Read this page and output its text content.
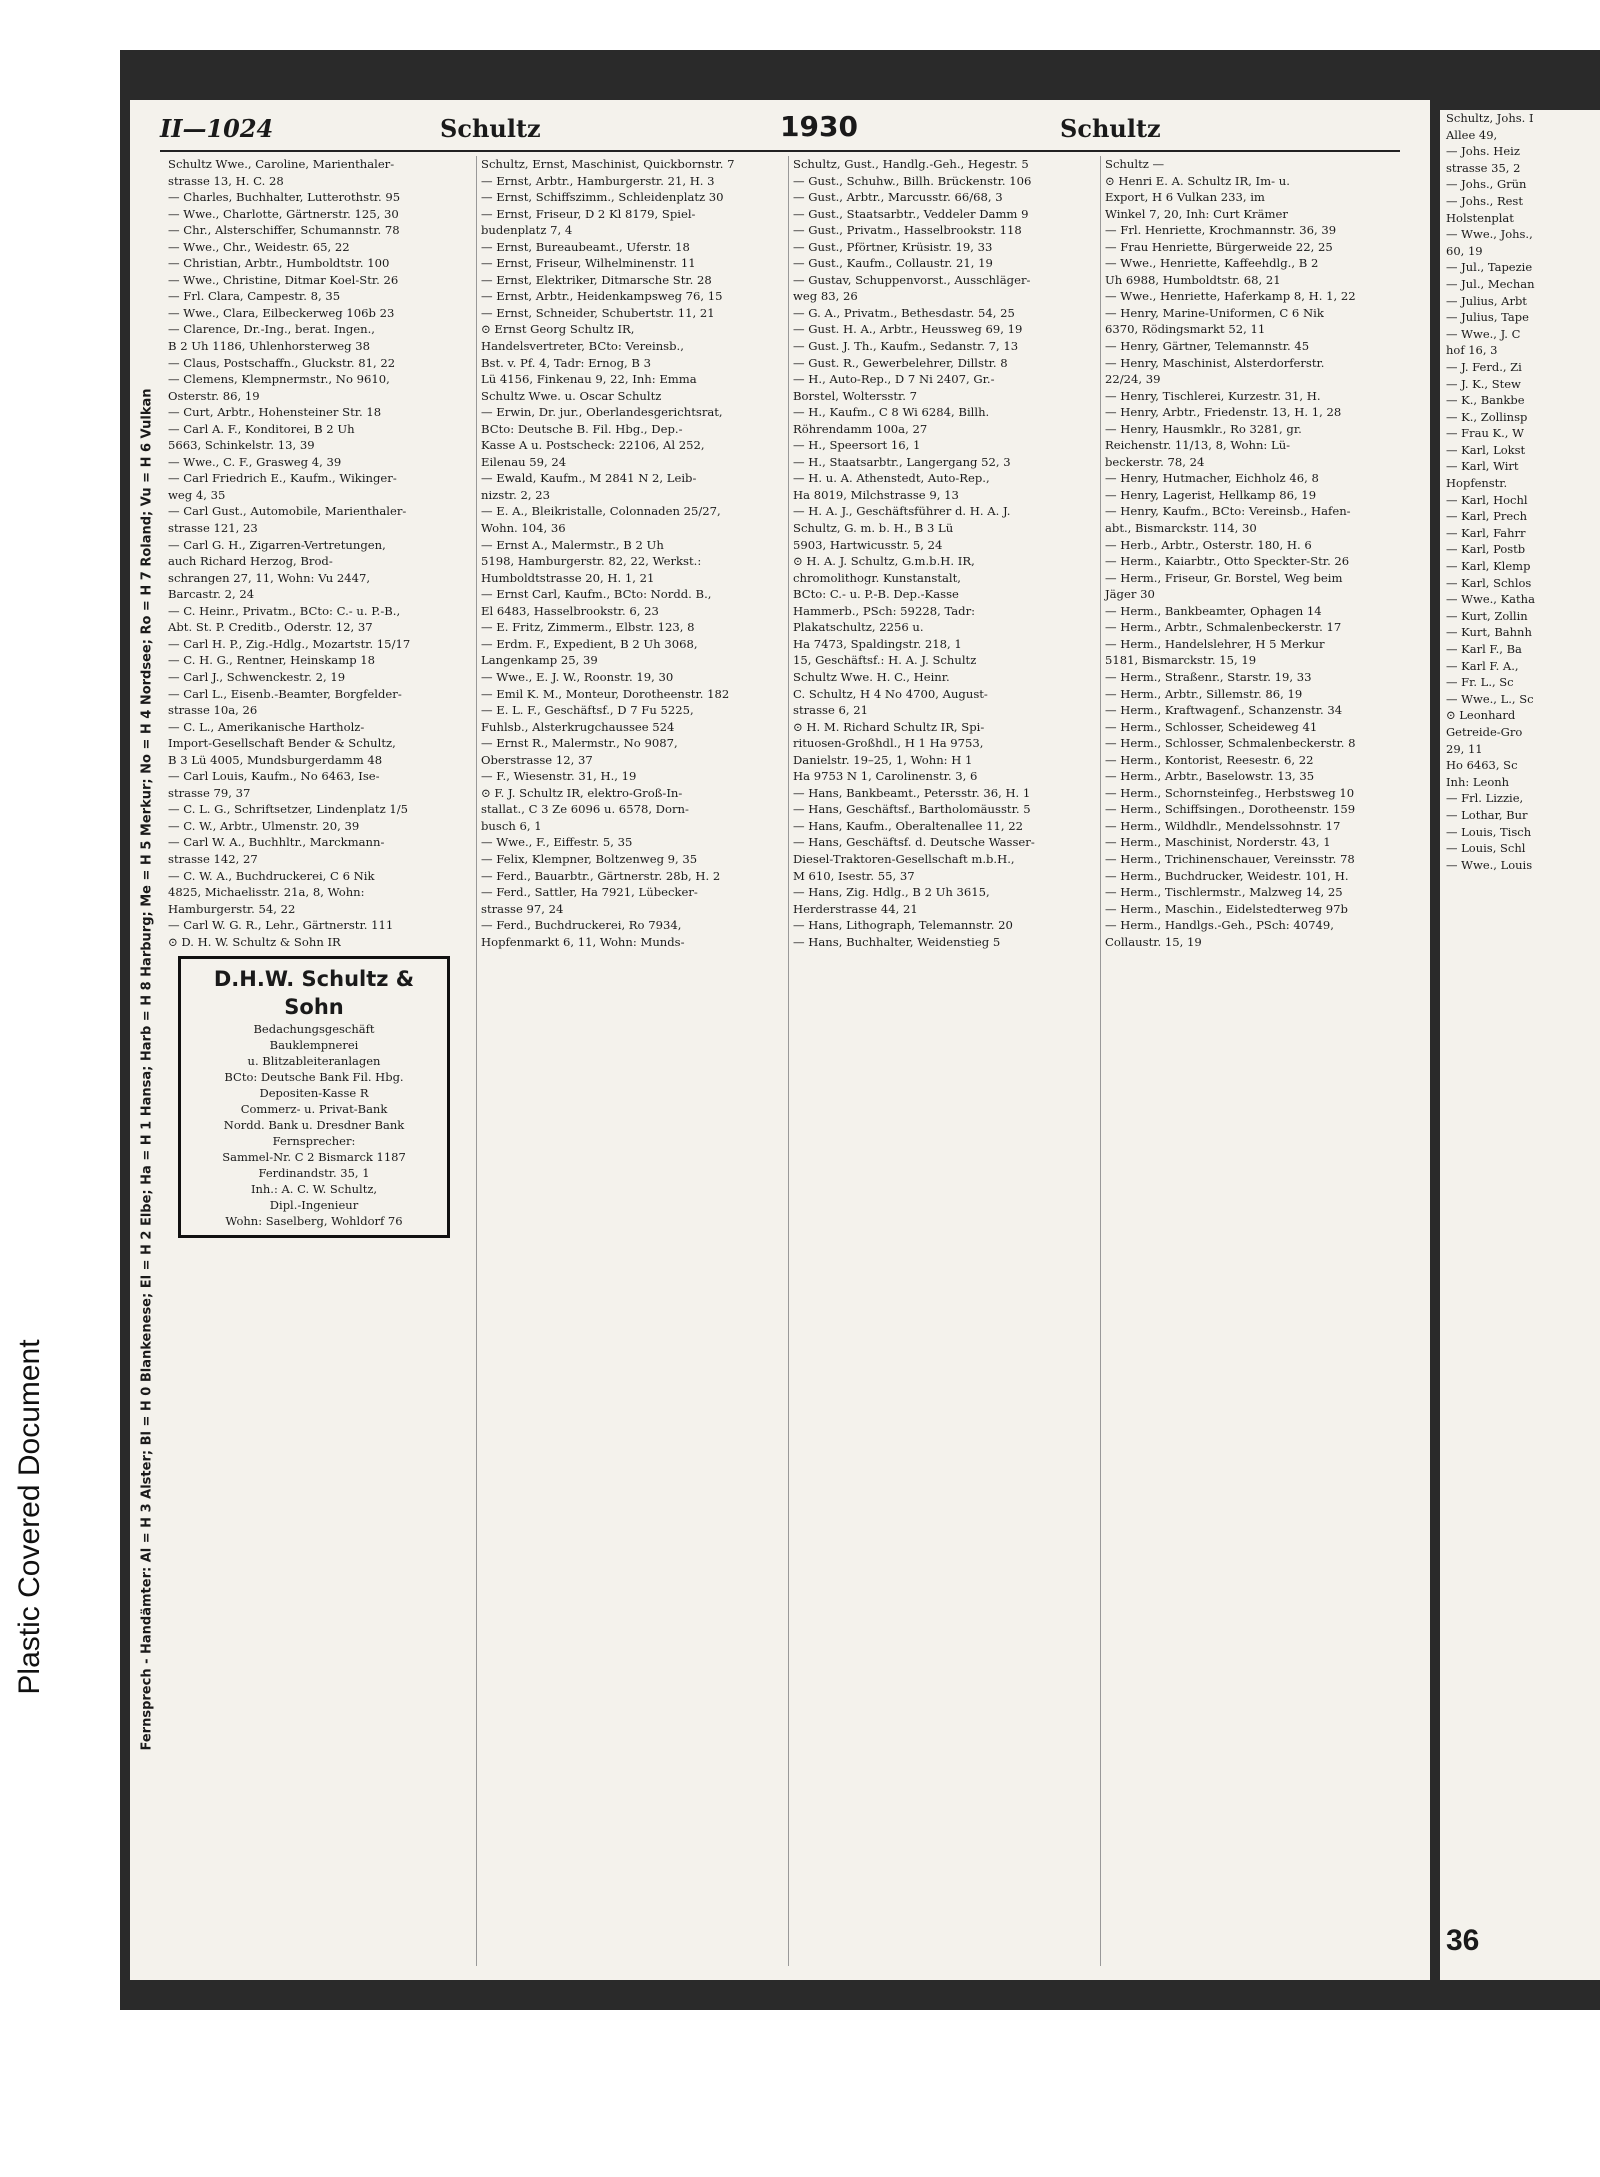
Plastic Covered Document
II—1024	Schultz	1930	Schultz
Fernsprech - Handämter: Al = H 3 Alster; Bl = H 0 Blankenese; El = H 2 Elbe; Ha = H 1 Hansa; Harb = H 8 Harburg; Me = H 5 Merkur; No = H 4 Nordsee; Ro = H 7 Roland; Vu = H 6 Vulkan
Schultz Wwe., Caroline, Marienthaler-
strasse 13, H. C. 28
— Charles, Buchhalter, Lutterothstr. 95
— Wwe., Charlotte, Gärtnerstr. 125, 30
— Chr., Alsterschiffer, Schumannstr. 78
— Wwe., Chr., Weidestr. 65, 22
— Christian, Arbtr., Humboldtstr. 100
— Wwe., Christine, Ditmar Koel-Str. 26
— Frl. Clara, Campestr. 8, 35
— Wwe., Clara, Eilbeckerweg 106b 23
— Clarence, Dr.-Ing., berat. Ingen.,
B 2 Uh 1186, Uhlenhorsterweg 38
— Claus, Postschaffn., Gluckstr. 81, 22
— Clemens, Klempnermstr., No 9610,
Osterstr. 86, 19
— Curt, Arbtr., Hohensteiner Str. 18
— Carl A. F., Konditorei, B 2 Uh
5663, Schinkelstr. 13, 39
— Wwe., C. F., Grasweg 4, 39
— Carl Friedrich E., Kaufm., Wikinger-
weg 4, 35
— Carl Gust., Automobile, Marienthaler-
strasse 121, 23
— Carl G. H., Zigarren-Vertretungen,
auch Richard Herzog, Brod-
schrangen 27, 11, Wohn: Vu 2447,
Barcastr. 2, 24
— C. Heinr., Privatm., BCto: C.- u. P.-B.,
Abt. St. P. Creditb., Oderstr. 12, 37
— Carl H. P., Zig.-Hdlg., Mozartstr. 15/17
— C. H. G., Rentner, Heinskamp 18
— Carl J., Schwenckestr. 2, 19
— Carl L., Eisenb.-Beamter, Borgfelder-
strasse 10a, 26
— C. L., Amerikanische Hartholz-
Import-Gesellschaft Bender & Schultz,
B 3 Lü 4005, Mundsburgerdamm 48
— Carl Louis, Kaufm., No 6463, Ise-
strasse 79, 37
— C. L. G., Schriftsetzer, Lindenplatz 1/5
— C. W., Arbtr., Ulmenstr. 20, 39
— Carl W. A., Buchhltr., Marckmann-
strasse 142, 27
— C. W. A., Buchdruckerei, C 6 Nik
4825, Michaelisstr. 21a, 8, Wohn:
Hamburgerstr. 54, 22
— Carl W. G. R., Lehr., Gärtnerstr. 111
⊙ D. H. W. Schultz & Sohn IR
D.H.W. Schultz & Sohn
Bedachungsgeschäft
Bauklempnerei
u. Blitzableiteranlagen
BCto: Deutsche Bank Fil. Hbg.
Depositen-Kasse R
Commerz- u. Privat-Bank
Nordd. Bank u. Dresdner Bank
Fernsprecher:
Sammel-Nr. C 2 Bismarck 1187
Ferdinandstr. 35, 1
Inh.: A. C. W. Schultz,
Dipl.-Ingenieur
Wohn: Saselberg, Wohldorf 76
Schultz, Ernst, Maschinist, Quickbornstr. 7
— Ernst, Arbtr., Hamburgerstr. 21, H. 3
— Ernst, Schiffszimm., Schleidenplatz 30
— Ernst, Friseur, D 2 Kl 8179, Spiel-
budenplatz 7, 4
— Ernst, Bureaubeamt., Uferstr. 18
— Ernst, Friseur, Wilhelminenstr. 11
— Ernst, Elektriker, Ditmarsche Str. 28
— Ernst, Arbtr., Heidenkampsweg 76, 15
— Ernst, Schneider, Schubertstr. 11, 21
⊙ Ernst Georg Schultz IR,
Handelsvertreter, BCto: Vereinsb.,
Bst. v. Pf. 4, Tadr: Ernog, B 3
Lü 4156, Finkenau 9, 22, Inh: Emma
Schultz Wwe. u. Oscar Schultz
— Erwin, Dr. jur., Oberlandesgerichtsrat,
BCto: Deutsche B. Fil. Hbg., Dep.-
Kasse A u. Postscheck: 22106, Al 252,
Eilenau 59, 24
— Ewald, Kaufm., M 2841 N 2, Leib-
nizstr. 2, 23
— E. A., Bleikristalle, Colonnaden 25/27,
Wohn. 104, 36
— Ernst A., Malermstr., B 2 Uh
5198, Hamburgerstr. 82, 22, Werkst.:
Humboldtstrasse 20, H. 1, 21
— Ernst Carl, Kaufm., BCto: Nordd. B.,
El 6483, Hasselbrookstr. 6, 23
— E. Fritz, Zimmerm., Elbstr. 123, 8
— Erdm. F., Expedient, B 2 Uh 3068,
Langenkamp 25, 39
— Wwe., E. J. W., Roonstr. 19, 30
— Emil K. M., Monteur, Dorotheenstr. 182
— E. L. F., Geschäftsf., D 7 Fu 5225,
Fuhlsb., Alsterkrugchaussee 524
— Ernst R., Malermstr., No 9087,
Oberstrasse 12, 37
— F., Wiesenstr. 31, H., 19
⊙ F. J. Schultz IR, elektro-Groß-In-
stallat., C 3 Ze 6096 u. 6578, Dorn-
busch 6, 1
— Wwe., F., Eiffestr. 5, 35
— Felix, Klempner, Boltzenweg 9, 35
— Ferd., Bauarbtr., Gärtnerstr. 28b, H. 2
— Ferd., Sattler, Ha 7921, Lübecker-
strasse 97, 24
— Ferd., Buchdruckerei, Ro 7934,
Hopfenmarkt 6, 11, Wohn: Munds-
Schultz, Gust., Handlg.-Geh., Hegestr. 5
— Gust., Schuhw., Billh. Brückenstr. 106
— Gust., Arbtr., Marcusstr. 66/68, 3
— Gust., Staatsarbtr., Veddeler Damm 9
— Gust., Privatm., Hasselbrookstr. 118
— Gust., Pförtner, Krüsistr. 19, 33
— Gust., Kaufm., Collaustr. 21, 19
— Gustav, Schuppenvorst., Ausschläger-
weg 83, 26
— G. A., Privatm., Bethesdastr. 54, 25
— Gust. H. A., Arbtr., Heussweg 69, 19
— Gust. J. Th., Kaufm., Sedanstr. 7, 13
— Gust. R., Gewerbelehrer, Dillstr. 8
— H., Auto-Rep., D 7 Ni 2407, Gr.-
Borstel, Woltersstr. 7
— H., Kaufm., C 8 Wi 6284, Billh.
Röhrendamm 100a, 27
— H., Speersort 16, 1
— H., Staatsarbtr., Langergang 52, 3
— H. u. A. Athenstedt, Auto-Rep.,
Ha 8019, Milchstrasse 9, 13
— H. A. J., Geschäftsführer d. H. A. J.
Schultz, G. m. b. H., B 3 Lü
5903, Hartwicusstr. 5, 24
⊙ H. A. J. Schultz, G.m.b.H. IR,
chromolithogr. Kunstanstalt,
BCto: C.- u. P.-B. Dep.-Kasse
Hammerb., PSch: 59228, Tadr:
Plakatschultz, 2256 u.
Ha 7473, Spaldingstr. 218, 1
15, Geschäftsf.: H. A. J. Schultz
Schultz Wwe. H. C., Heinr.
C. Schultz, H 4 No 4700, August-
strasse 6, 21
⊙ H. M. Richard Schultz IR, Spi-
rituosen-Großhdl., H 1 Ha 9753,
Danielstr. 19–25, 1, Wohn: H 1
Ha 9753 N 1, Carolinenstr. 3, 6
— Hans, Bankbeamt., Petersstr. 36, H. 1
— Hans, Geschäftsf., Bartholomäusstr. 5
— Hans, Kaufm., Oberaltenallee 11, 22
— Hans, Geschäftsf. d. Deutsche Wasser-
Diesel-Traktoren-Gesellschaft m.b.H.,
M 610, Isestr. 55, 37
— Hans, Zig. Hdlg., B 2 Uh 3615,
Herderstrasse 44, 21
— Hans, Lithograph, Telemannstr. 20
— Hans, Buchhalter, Weidenstieg 5
Schultz —
⊙ Henri E. A. Schultz IR, Im- u.
Export, H 6 Vulkan 233, im
Winkel 7, 20, Inh: Curt Krämer
— Frl. Henriette, Krochmannstr. 36, 39
— Frau Henriette, Bürgerweide 22, 25
— Wwe., Henriette, Kaffeehdlg., B 2
Uh 6988, Humboldtstr. 68, 21
— Wwe., Henriette, Haferkamp 8, H. 1, 22
— Henry, Marine-Uniformen, C 6 Nik
6370, Rödingsmarkt 52, 11
— Henry, Gärtner, Telemannstr. 45
— Henry, Maschinist, Alsterdorferstr.
22/24, 39
— Henry, Tischlerei, Kurzestr. 31, H.
— Henry, Arbtr., Friedenstr. 13, H. 1, 28
— Henry, Hausmklr., Ro 3281, gr.
Reichenstr. 11/13, 8, Wohn: Lü-
beckerstr. 78, 24
— Henry, Hutmacher, Eichholz 46, 8
— Henry, Lagerist, Hellkamp 86, 19
— Henry, Kaufm., BCto: Vereinsb., Hafen-
abt., Bismarckstr. 114, 30
— Herb., Arbtr., Osterstr. 180, H. 6
— Herm., Kaiarbtr., Otto Speckter-Str. 26
— Herm., Friseur, Gr. Borstel, Weg beim
Jäger 30
— Herm., Bankbeamter, Ophagen 14
— Herm., Arbtr., Schmalenbeckerstr. 17
— Herm., Handelslehrer, H 5 Merkur
5181, Bismarckstr. 15, 19
— Herm., Straßenr., Starstr. 19, 33
— Herm., Arbtr., Sillemstr. 86, 19
— Herm., Kraftwagenf., Schanzenstr. 34
— Herm., Schlosser, Scheideweg 41
— Herm., Schlosser, Schmalenbeckerstr. 8
— Herm., Kontorist, Reesestr. 6, 22
— Herm., Arbtr., Baselowstr. 13, 35
— Herm., Schornsteinfeg., Herbstsweg 10
— Herm., Schiffsingen., Dorotheenstr. 159
— Herm., Wildhdlr., Mendelssohnstr. 17
— Herm., Maschinist, Norderstr. 43, 1
— Herm., Trichinenschauer, Vereinsstr. 78
— Herm., Buchdrucker, Weidestr. 101, H.
— Herm., Tischlermstr., Malzweg 14, 25
— Herm., Maschin., Eidelstedterweg 97b
— Herm., Handlgs.-Geh., PSch: 40749,
Collaustr. 15, 19
Schultz, Johs. I
Allee 49,
— Johs. Heiz
strasse 35, 2
— Johs., Grün
— Johs., Rest
Holstenplat
— Wwe., Johs.,
60, 19
— Jul., Tapezie
— Jul., Mechan
— Julius, Arbt
— Julius, Tape
— Wwe., J. C
hof 16, 3
— J. Ferd., Zi
— J. K., Stew
— K., Bankbe
— K., Zollinsp
— Frau K., W
— Karl, Lokst
— Karl, Wirt
Hopfenstr.
— Karl, Hochl
— Karl, Prech
— Karl, Fahrr
— Karl, Postb
— Karl, Klemp
— Karl, Schlos
— Wwe., Katha
— Kurt, Zollin
— Kurt, Bahnh
— Karl F., Ba
— Karl F. A.,
— Fr. L., Sc
— Wwe., L., Sc
⊙ Leonhard
Getreide-Gro
29, 11
Ho 6463, Sc
Inh: Leonh
— Frl. Lizzie,
— Lothar, Bur
— Louis, Tisch
— Louis, Schl
— Wwe., Louis
36
